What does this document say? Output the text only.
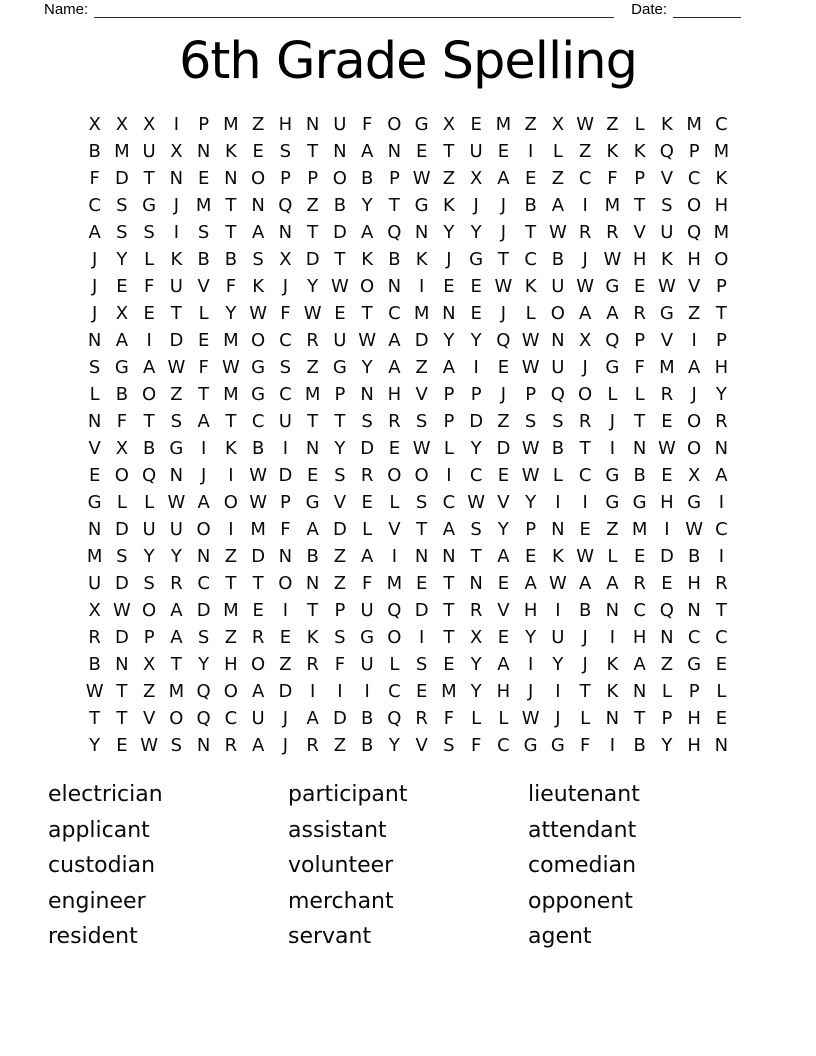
Name:	Date:
6th Grade Spelling
X X X	I	P M Z H N U F O G X E M Z X W Z L K M C
B M U X N K E S T N A N E T U E	I	L Z K K Q P M
F D T N E N O P P O B P W Z X A E Z C F P V C K
C S G J M T N Q Z B Y T G K	J	J	B A	I M T S O H
A S S	I	S T A N T D A Q N Y Y	J	T W R R V U Q M
J	Y L K B B S X D T K B K	J G T C B	J W H K H O
J	E F U V F K	J	Y W O N I	E E W K U W G E W V P
J	X E T L Y W F W E T C M N E	J	L O A A R G Z T
N A	I D E M O C R U W A D Y Y Q W N X Q P V	I	P
S G A W F W G S Z G Y A Z A	I	E W U	J G F M A H
L B O Z T M G C M P N H V P P	J	P Q O L L R	J	Y
N F T S A T C U T T S R S P D Z S S R	J	T E O R
V X B G I	K B	I N Y D E W L Y D W B T	I N W O N
E O Q N J	I W D E S R O O I	C E W L C G B E X A
G L L W A O W P G V E L S C W V Y	I	I G G H G I
N D U U O I M F A D L V T A S Y P N E Z M I W C
M S Y Y N Z D N B Z A	I N N T A E K W L E D B	I
U D S R C T T O N Z F M E T N E A W A A R E H R
X W O A D M E	I	T P U Q D T R V H I	B N C Q N T
R D P A S Z R E K S G O I	T X E Y U	J	I H N C C
B N X T Y H O Z R F U L S E Y A	I	Y	J	K A Z G E
W T Z M Q O A D I	I	I	C E M Y H J	I	T K N L P L
T T V O Q C U	J	A D B Q R F L L W J	L N T P H E
Y E W S N R A	J	R Z B Y V S F C G G F	I	B Y H N
electrician
applicant
custodian
engineer
resident
participant
assistant
volunteer
merchant
servant
lieutenant
attendant
comedian
opponent
agent
